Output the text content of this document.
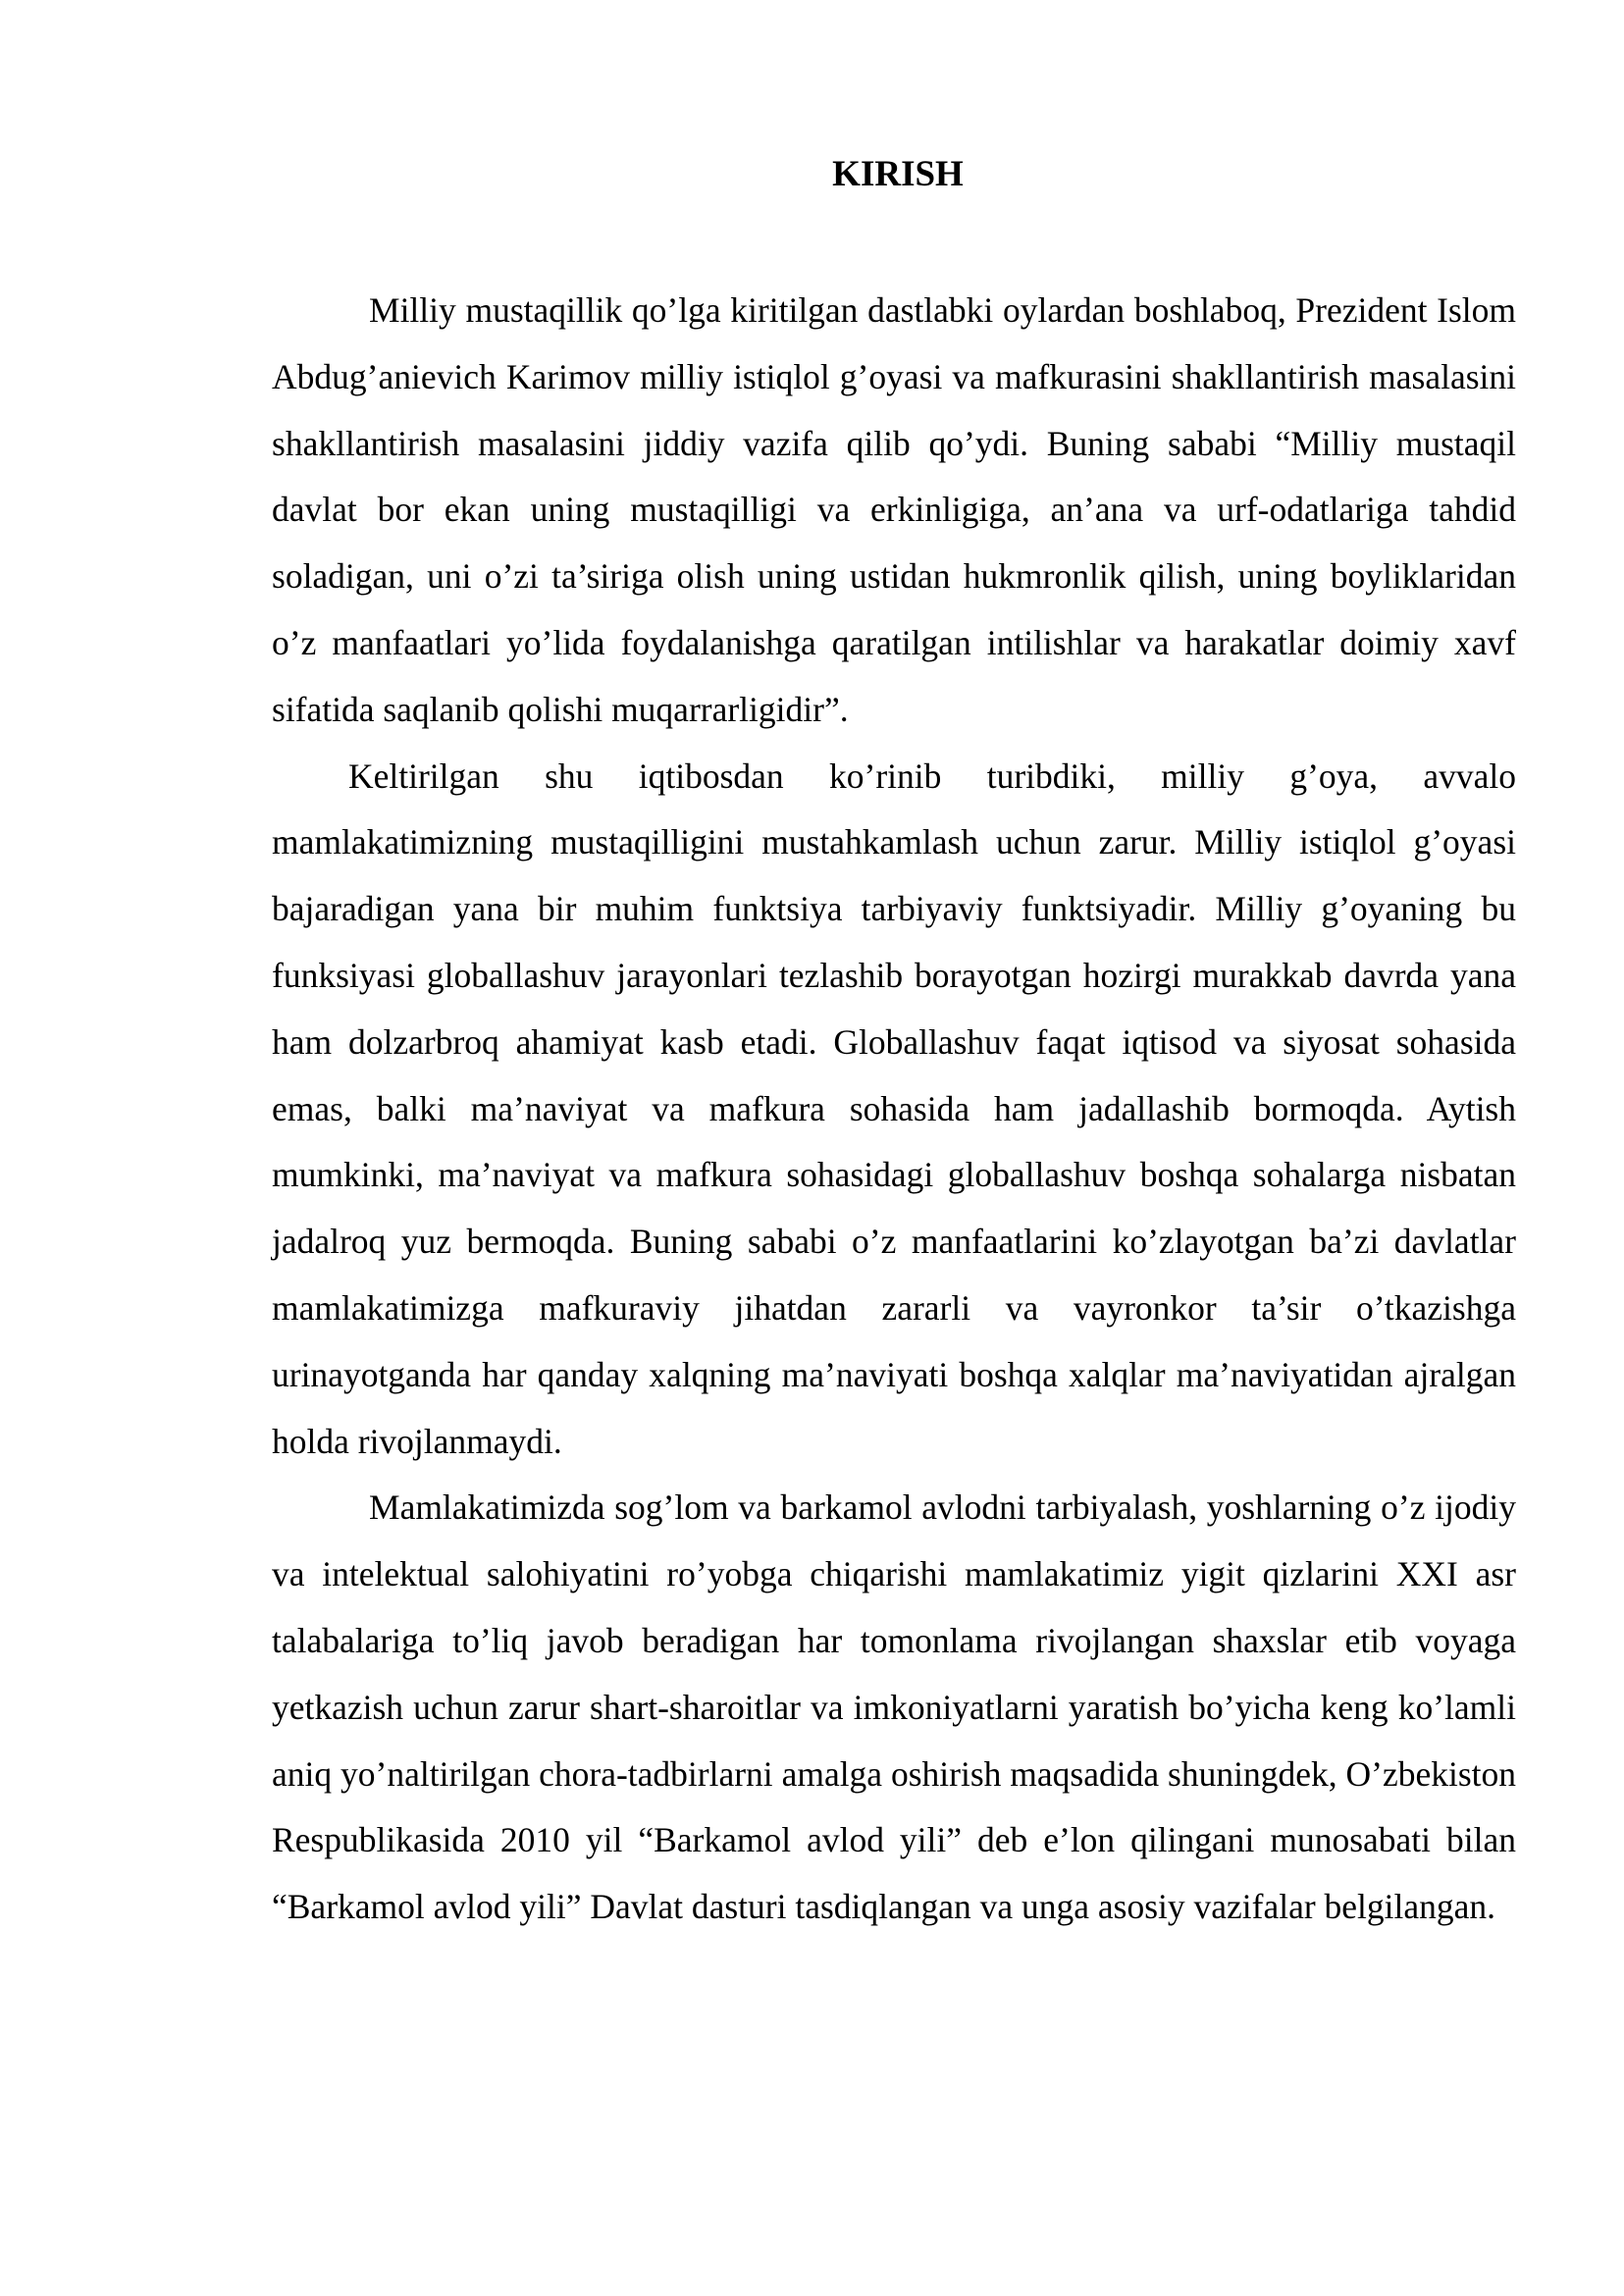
KIRISH

Milliy mustaqillik qo’lga kiritilgan dastlabki oylardan boshlaboq, Prezident Islom Abdug’anievich Karimov milliy istiqlol g’oyasi va mafkurasini shakllantirish masalasini shakllantirish masalasini jiddiy vazifa qilib qo’ydi. Buning sababi “Milliy mustaqil davlat bor ekan uning mustaqilligi va erkinligiga, an’ana va urf-odatlariga tahdid soladigan, uni o’zi ta’siriga olish uning ustidan hukmronlik qilish, uning boyliklaridan o’z manfaatlari yo’lida foydalanishga qaratilgan intilishlar va harakatlar doimiy xavf sifatida saqlanib qolishi muqarrarligidir”.

Keltirilgan shu iqtibosdan ko’rinib turibdiki, milliy g’oya, avvalo mamlakatimizning mustaqilligini mustahkamlash uchun zarur. Milliy istiqlol g’oyasi bajaradigan yana bir muhim funktsiya tarbiyaviy funktsiyadir. Milliy g’oyaning bu funksiyasi globallashuv jarayonlari tezlashib borayotgan hozirgi murakkab davrda yana ham dolzarbroq ahamiyat kasb etadi. Globallashuv faqat iqtisod va siyosat sohasida emas, balki ma’naviyat va mafkura sohasida ham jadallashib bormoqda. Aytish mumkinki, ma’naviyat va mafkura sohasidagi globallashuv boshqa sohalarga nisbatan jadalroq yuz bermoqda. Buning sababi o’z manfaatlarini ko’zlayotgan ba’zi davlatlar mamlakatimizga mafkuraviy jihatdan zararli va vayronkor ta’sir o’tkazishga urinayotganda har qanday xalqning ma’naviyati boshqa xalqlar ma’naviyatidan ajralgan holda rivojlanmaydi.

Mamlakatimizda sog’lom va barkamol avlodni tarbiyalash, yoshlarning o’z ijodiy va intelektual salohiyatini ro’yobga chiqarishi mamlakatimiz yigit qizlarini XXI asr talabalariga to’liq javob beradigan har tomonlama rivojlangan shaxslar etib voyaga yetkazish uchun zarur shart-sharoitlar va imkoniyatlarni yaratish bo’yicha keng ko’lamli aniq yo’naltirilgan chora-tadbirlarni amalga oshirish maqsadida shuningdek, O’zbekiston Respublikasida 2010 yil “Barkamol avlod yili” deb e’lon qilingani munosabati bilan “Barkamol avlod yili” Davlat dasturi tasdiqlangan va unga asosiy vazifalar belgilangan.
